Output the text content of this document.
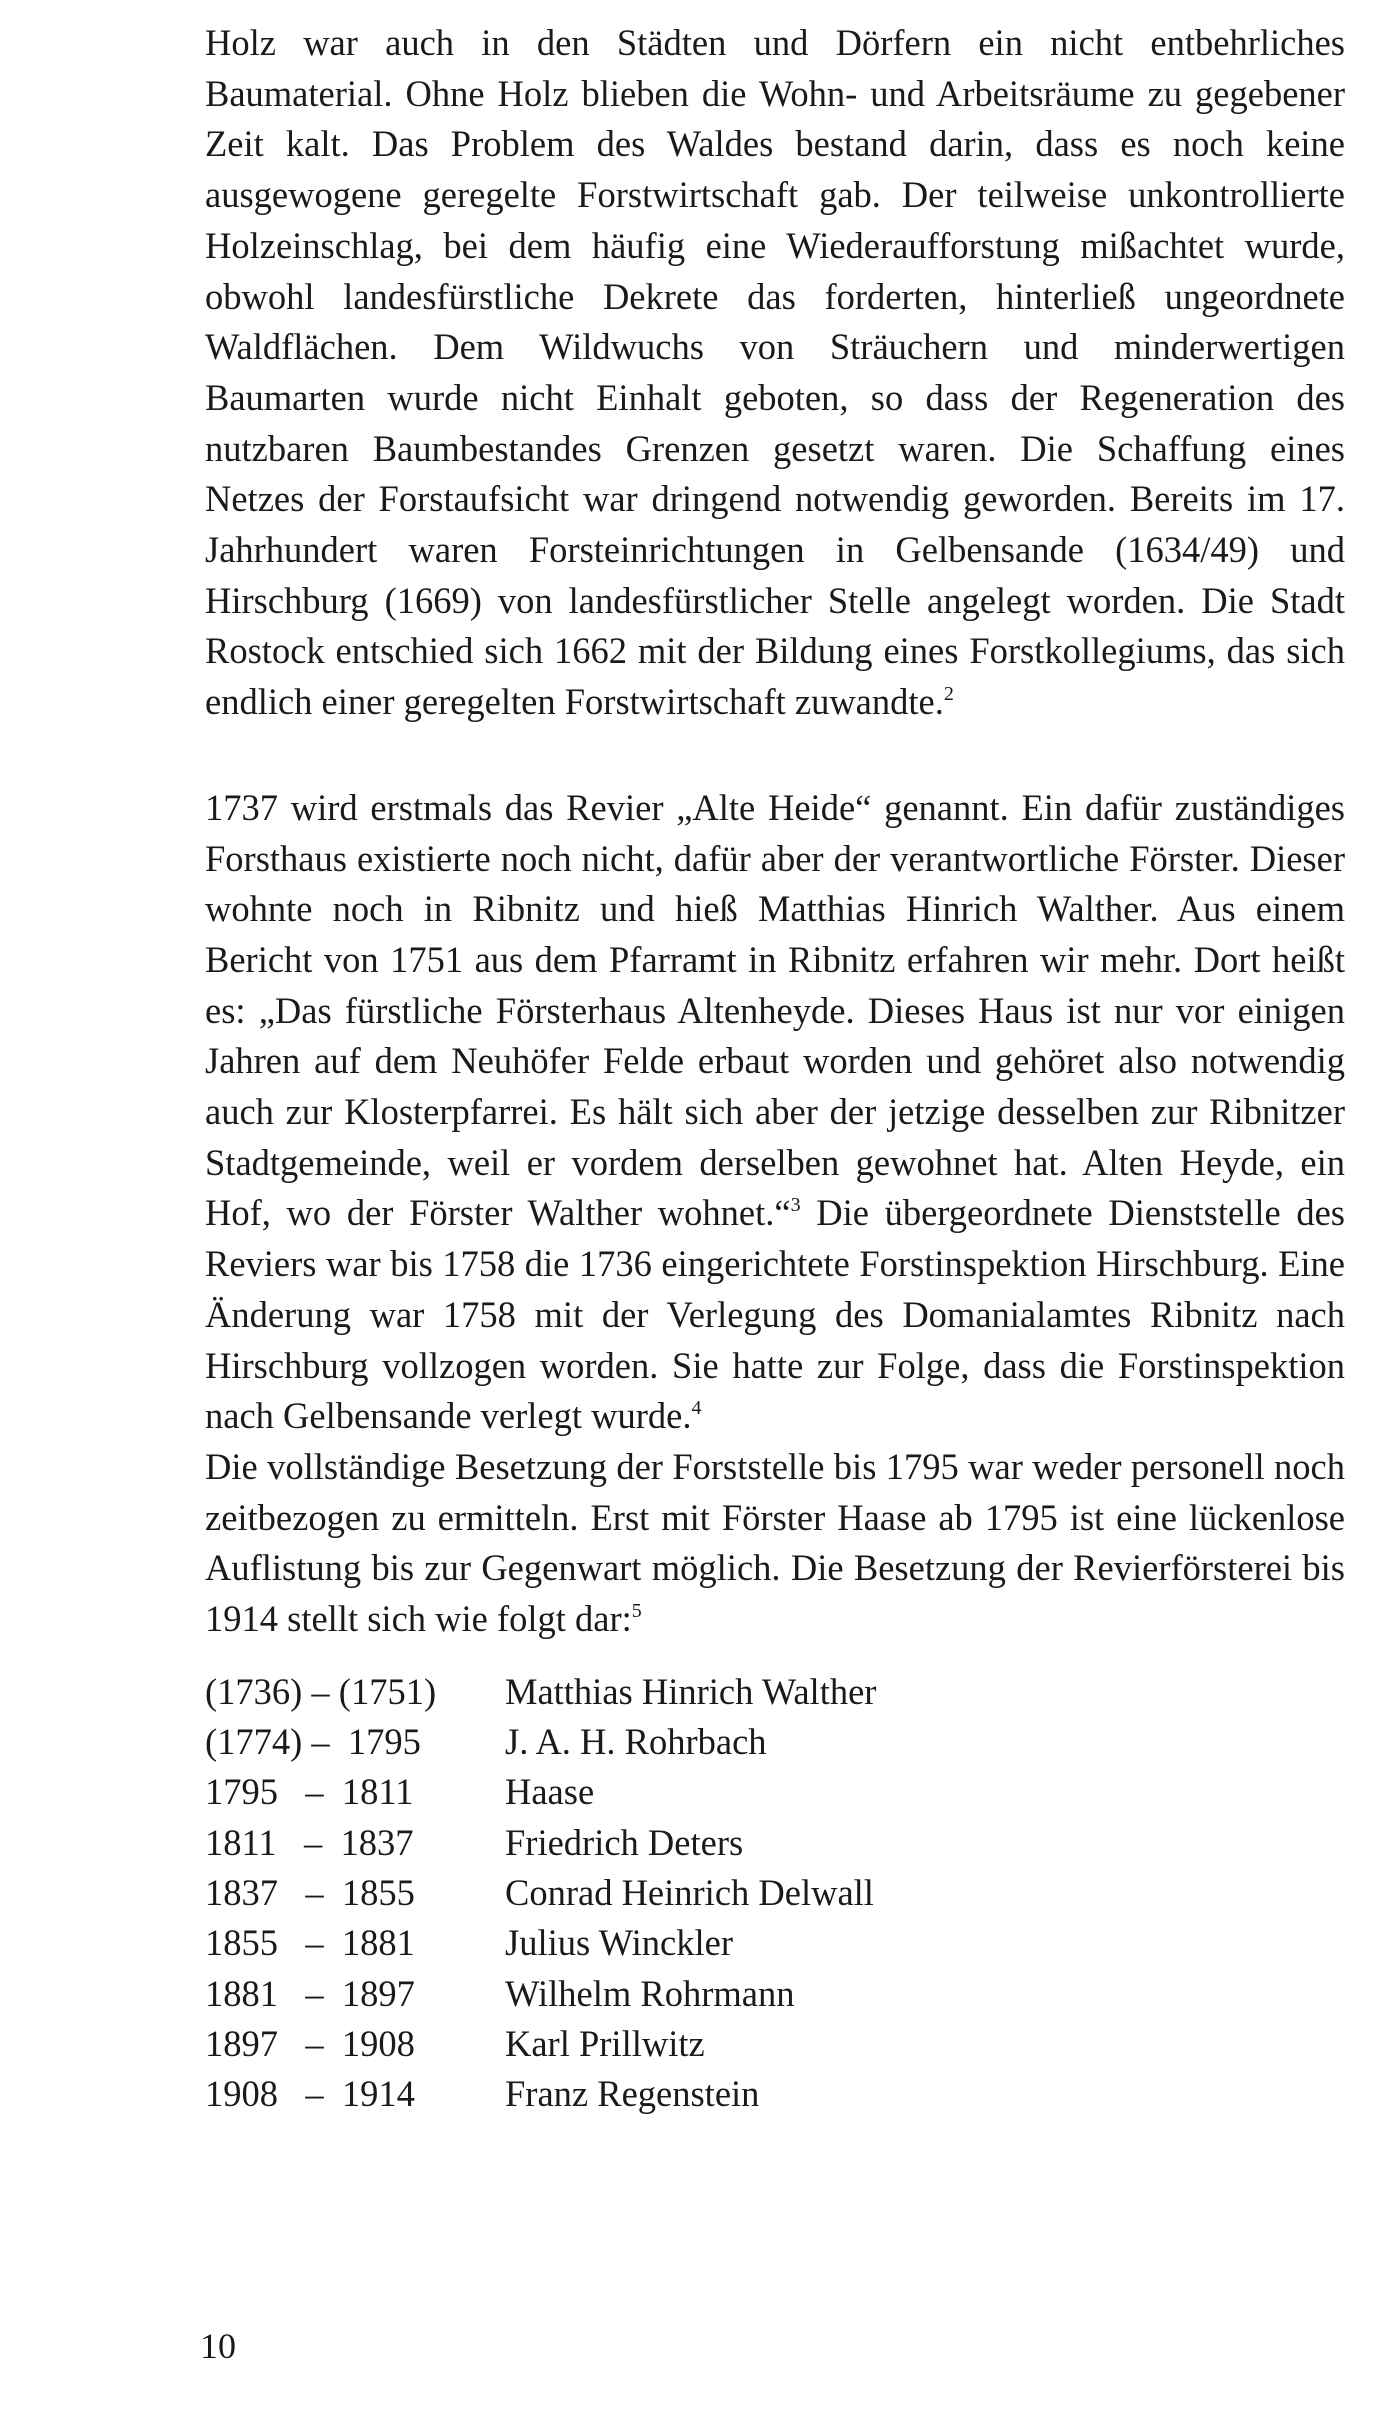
Holz war auch in den Städten und Dörfern ein nicht entbehrliches Baumaterial. Ohne Holz blieben die Wohn- und Arbeitsräume zu gegebener Zeit kalt. Das Problem des Waldes bestand darin, dass es noch keine ausgewogene geregelte Forstwirtschaft gab. Der teilweise unkontrollierte Holzeinschlag, bei dem häufig eine Wiederaufforstung mißachtet wurde, obwohl landesfürstliche Dekrete das forderten, hinterließ ungeordnete Waldflächen. Dem Wildwuchs von Sträuchern und minderwertigen Baumarten wurde nicht Einhalt geboten, so dass der Regeneration des nutzbaren Baumbestandes Grenzen gesetzt waren. Die Schaffung eines Netzes der Forstaufsicht war dringend notwendig geworden. Bereits im 17. Jahrhundert waren Forsteinrichtungen in Gelbensande (1634/49) und Hirschburg (1669) von landesfürstlicher Stelle angelegt worden. Die Stadt Rostock entschied sich 1662 mit der Bildung eines Forstkollegiums, das sich endlich einer geregelten Forstwirtschaft zuwandte.$^2$

1737 wird erstmals das Revier „Alte Heide“ genannt. Ein dafür zuständiges Forsthaus existierte noch nicht, dafür aber der verantwortliche Förster. Dieser wohnte noch in Ribnitz und hieß Matthias Hinrich Walther. Aus einem Bericht von 1751 aus dem Pfarramt in Ribnitz erfahren wir mehr. Dort heißt es: „Das fürstliche Försterhaus Altenheyde. Dieses Haus ist nur vor einigen Jahren auf dem Neuhöfer Felde erbaut worden und gehöret also notwendig auch zur Klosterpfarrei. Es hält sich aber der jetzige desselben zur Ribnitzer Stadtgemeinde, weil er vordem derselben gewohnet hat. Alten Heyde, ein Hof, wo der Förster Walther wohnet.“$^3$ Die übergeordnete Dienststelle des Reviers war bis 1758 die 1736 eingerichtete Forstinspektion Hirschburg. Eine Änderung war 1758 mit der Verlegung des Domanialamtes Ribnitz nach Hirschburg vollzogen worden. Sie hatte zur Folge, dass die Forstinspektion nach Gelbensande verlegt wurde.$^4$

Die vollständige Besetzung der Forststelle bis 1795 war weder personell noch zeitbezogen zu ermitteln. Erst mit Förster Haase ab 1795 ist eine lückenlose Auflistung bis zur Gegenwart möglich. Die Besetzung der Revierförsterei bis 1914 stellt sich wie folgt dar:$^5$

(1736) – (1751)	Matthias Hinrich Walther
(1774) –  1795	J. A. H. Rohrbach
1795   –  1811	Haase
1811   –  1837	Friedrich Deters
1837   –  1855	Conrad Heinrich Delwall
1855   –  1881	Julius Winckler
1881   –  1897	Wilhelm Rohrmann
1897   –  1908	Karl Prillwitz
1908   –  1914	Franz Regenstein
10
